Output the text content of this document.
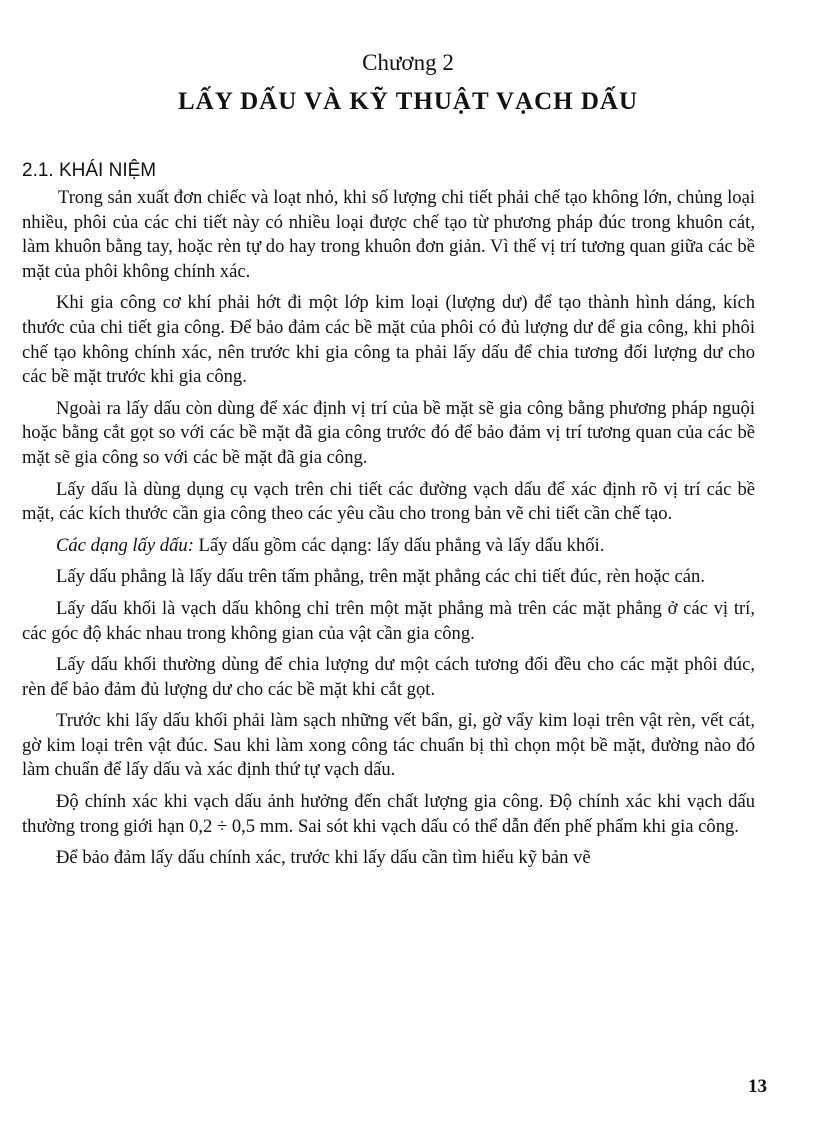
Chương 2
LẤY DẤU VÀ KỸ THUẬT VẠCH DẤU
2.1. KHÁI NIỆM

Trong sản xuất đơn chiếc và loạt nhỏ, khi số lượng chi tiết phải chế tạo không lớn, chủng loại nhiều, phôi của các chi tiết này có nhiều loại được chế tạo từ phương pháp đúc trong khuôn cát, làm khuôn bằng tay, hoặc rèn tự do hay trong khuôn đơn giản. Vì thế vị trí tương quan giữa các bề mặt của phôi không chính xác.

Khi gia công cơ khí phải hớt đi một lớp kim loại (lượng dư) để tạo thành hình dáng, kích thước của chi tiết gia công. Để bảo đảm các bề mặt của phôi có đủ lượng dư để gia công, khi phôi chế tạo không chính xác, nên trước khi gia công ta phải lấy dấu để chia tương đối lượng dư cho các bề mặt trước khi gia công.

Ngoài ra lấy dấu còn dùng để xác định vị trí của bề mặt sẽ gia công bằng phương pháp nguội hoặc bằng cắt gọt so với các bề mặt đã gia công trước đó để bảo đảm vị trí tương quan của các bề mặt sẽ gia công so với các bề mặt đã gia công.

Lấy dấu là dùng dụng cụ vạch trên chi tiết các đường vạch dấu để xác định rõ vị trí các bề mặt, các kích thước cần gia công theo các yêu cầu cho trong bản vẽ chi tiết cần chế tạo.

Các dạng lấy dấu: Lấy dấu gồm các dạng: lấy dấu phẳng và lấy dấu khối.

Lấy dấu phẳng là lấy dấu trên tấm phẳng, trên mặt phẳng các chi tiết đúc, rèn hoặc cán.

Lấy dấu khối là vạch dấu không chỉ trên một mặt phẳng mà trên các mặt phẳng ở các vị trí, các góc độ khác nhau trong không gian của vật cần gia công.

Lấy dấu khối thường dùng để chia lượng dư một cách tương đối đều cho các mặt phôi đúc, rèn để bảo đảm đủ lượng dư cho các bề mặt khi cắt gọt.

Trước khi lấy dấu khối phải làm sạch những vết bẩn, gỉ, gờ vẩy kim loại trên vật rèn, vết cát, gờ kim loại trên vật đúc. Sau khi làm xong công tác chuẩn bị thì chọn một bề mặt, đường nào đó làm chuẩn để lấy dấu và xác định thứ tự vạch dấu.

Độ chính xác khi vạch dấu ảnh hưởng đến chất lượng gia công. Độ chính xác khi vạch dấu thường trong giới hạn 0,2 ÷ 0,5 mm. Sai sót khi vạch dấu có thể dẫn đến phế phẩm khi gia công.

Để bảo đảm lấy dấu chính xác, trước khi lấy dấu cần tìm hiểu kỹ bản vẽ

13
